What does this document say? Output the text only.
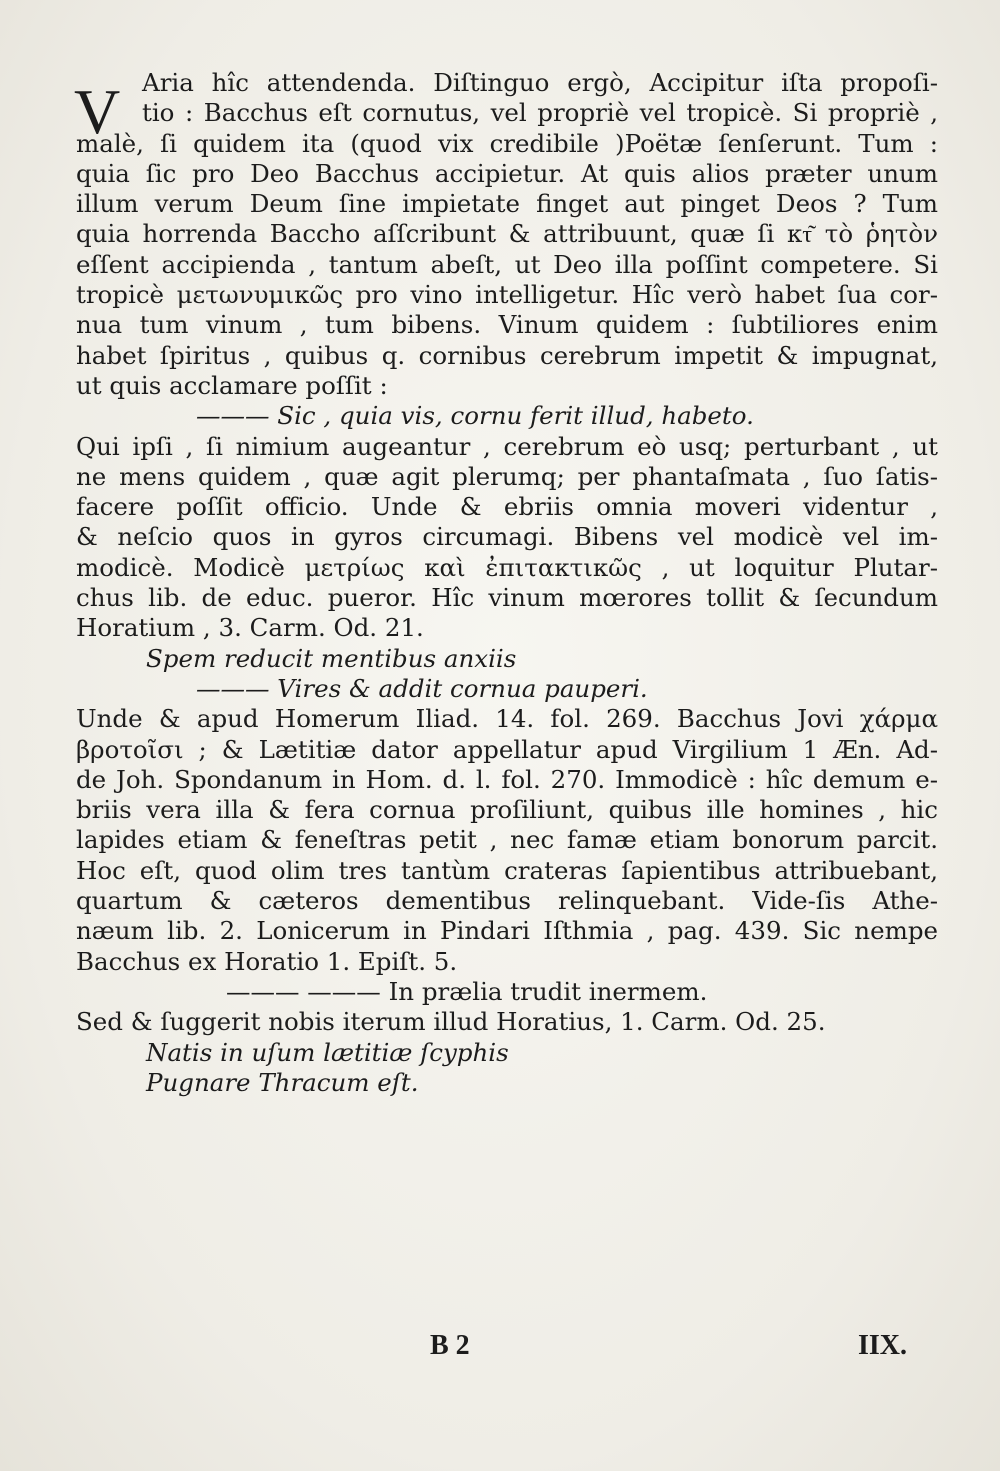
V Aria hîc attendenda. Diſtinguo ergò, Accipitur iſta propoſi-
tio : Bacchus eſt cornutus, vel propriè vel tropicè. Si propriè ,
malè, ſi quidem ita (quod vix credibile )Poëtæ ſenſerunt. Tum :
quia ſic pro Deo Bacchus accipietur. At quis alios præter unum
illum verum Deum ſine impietate finget aut pinget Deos ? Tum
quia horrenda Baccho aſſcribunt & attribuunt, quæ ſi κτ͂ τὸ ῥητὸν
eſſent accipienda , tantum abeſt, ut Deo illa poſſint competere. Si
tropicè μετωνυμικῶς pro vino intelligetur. Hîc verò habet ſua cor-
nua tum vinum , tum bibens. Vinum quidem : ſubtiliores enim
habet ſpiritus , quibus q. cornibus cerebrum impetit & impugnat,
ut quis acclamare poſſit :
——— Sic , quia vis, cornu ferit illud, habeto.
Qui ipſi , ſi nimium augeantur , cerebrum eò usq; perturbant , ut
ne mens quidem , quæ agit plerumq; per phantaſmata , ſuo ſatis-
facere poſſit officio. Unde & ebriis omnia moveri videntur ,
& neſcio quos in gyros circumagi. Bibens vel modicè vel im-
modicè. Modicè μετρίως καὶ ἐπιτακτικῶς , ut loquitur Plutar-
chus lib. de educ. pueror. Hîc vinum mœrores tollit & ſecundum
Horatium , 3. Carm. Od. 21.
Spem reducit mentibus anxiis
——— Vires & addit cornua pauperi.
Unde & apud Homerum Iliad. 14. fol. 269. Bacchus Jovi χάρμα
βροτοῖσι ; & Lætitiæ dator appellatur apud Virgilium 1 Æn. Ad-
de Joh. Spondanum in Hom. d. l. fol. 270. Immodicè : hîc demum e-
briis vera illa & fera cornua proſiliunt, quibus ille homines , hic
lapides etiam & feneſtras petit , nec famæ etiam bonorum parcit.
Hoc eſt, quod olim tres tantùm crateras ſapientibus attribuebant,
quartum & cæteros dementibus relinquebant. Vide-ſis Athe-
næum lib. 2. Lonicerum in Pindari Iſthmia , pag. 439. Sic nempe
Bacchus ex Horatio 1. Epiſt. 5.
——— ——— In prælia trudit inermem.
Sed & ſuggerit nobis iterum illud Horatius, 1. Carm. Od. 25.
Natis in uſum lætitiæ ſcyphis
Pugnare Thracum eſt.
B 2	IIX.
